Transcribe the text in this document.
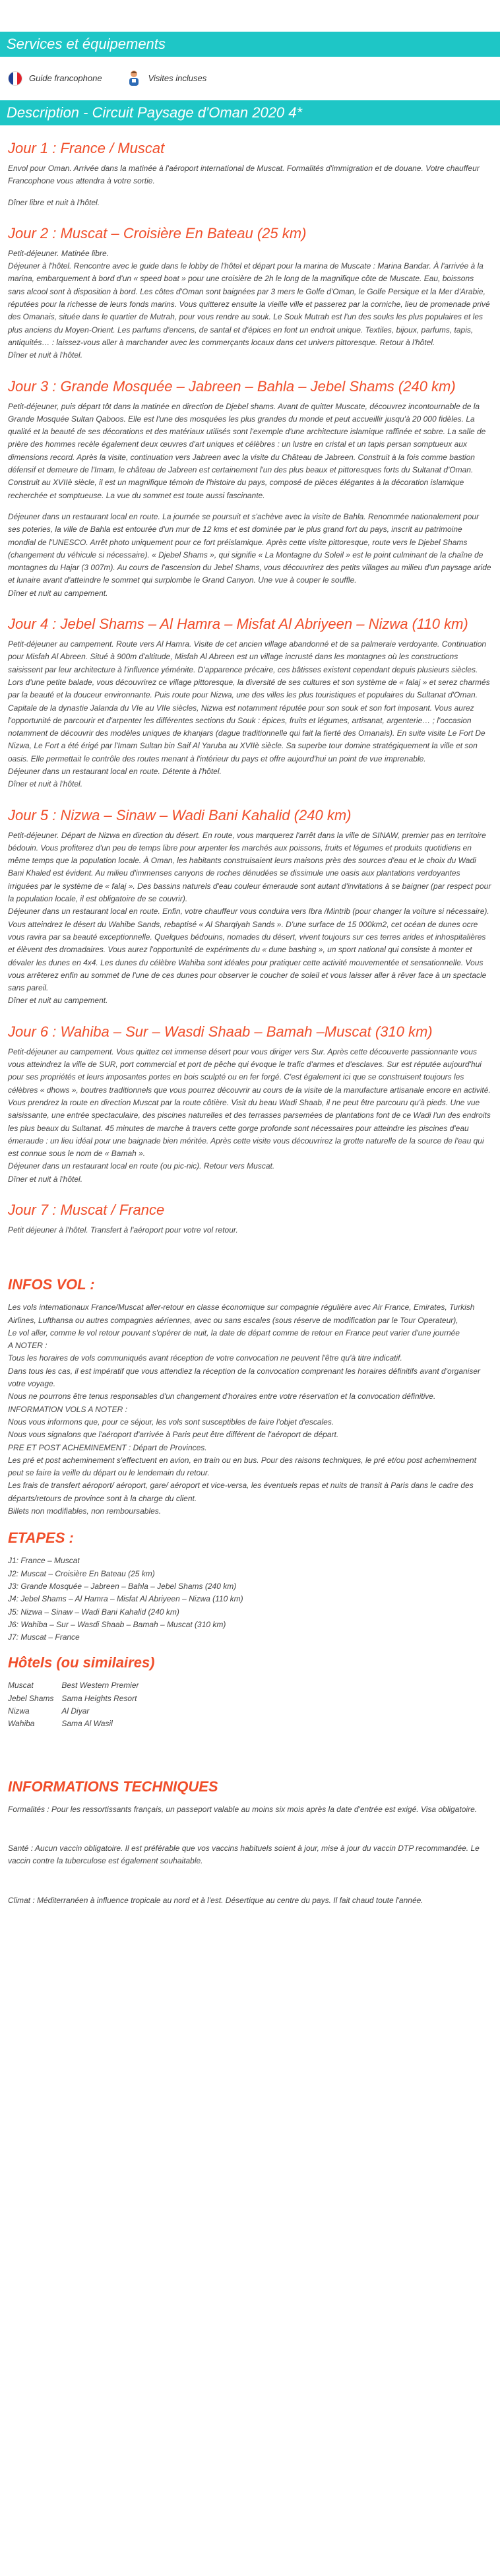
Services et équipements
Guide francophone	Visites incluses
Description - Circuit Paysage d'Oman 2020 4*
Jour 1 : France / Muscat

Envol pour Oman. Arrivée dans la matinée à l'aéroport international de Muscat. Formalités d'immigration et de douane. Votre chauffeur Francophone vous attendra à votre sortie.

Dîner libre et nuit à l'hôtel.

Jour 2 : Muscat – Croisière En Bateau (25 km)

Petit-déjeuner. Matinée libre.
Déjeuner à l'hôtel. Rencontre avec le guide dans le lobby de l'hôtel et départ pour la marina de Muscate : Marina Bandar. À l'arrivée à la marina, embarquement à bord d'un « speed boat » pour une croisière de 2h le long de la magnifique côte de Muscate. Eau, boissons sans alcool sont à disposition à bord. Les côtes d'Oman sont baignées par 3 mers le Golfe d'Oman, le Golfe Persique et la Mer d'Arabie, réputées pour la richesse de leurs fonds marins. Vous quitterez ensuite la vieille ville et passerez par la corniche, lieu de promenade privé des Omanais, située dans le quartier de Mutrah, pour vous rendre au souk. Le Souk Mutrah est l'un des souks les plus populaires et les plus anciens du Moyen-Orient. Les parfums d'encens, de santal et d'épices en font un endroit unique. Textiles, bijoux, parfums, tapis, antiquités… : laissez-vous aller à marchander avec les commerçants locaux dans cet univers pittoresque. Retour à l'hôtel.
Dîner et nuit à l'hôtel.

Jour 3 : Grande Mosquée – Jabreen – Bahla – Jebel Shams (240 km)

Petit-déjeuner, puis départ tôt dans la matinée en direction de Djebel shams. Avant de quitter Muscate, découvrez incontournable de la Grande Mosquée Sultan Qaboos. Elle est l'une des mosquées les plus grandes du monde et peut accueillir jusqu'à 20 000 fidèles. La qualité et la beauté de ses décorations et des matériaux utilisés sont l'exemple d'une architecture islamique raffinée et sobre. La salle de prière des hommes recèle également deux œuvres d'art uniques et célèbres : un lustre en cristal et un tapis persan somptueux aux dimensions record. Après la visite, continuation vers Jabreen avec la visite du Château de Jabreen. Construit à la fois comme bastion défensif et demeure de l'Imam, le château de Jabreen est certainement l'un des plus beaux et pittoresques forts du Sultanat d'Oman. Construit au XVIIè siècle, il est un magnifique témoin de l'histoire du pays, composé de pièces élégantes à la décoration islamique recherchée et somptueuse. La vue du sommet est toute aussi fascinante.

Déjeuner dans un restaurant local en route. La journée se poursuit et s'achève avec la visite de Bahla. Renommée nationalement pour ses poteries, la ville de Bahla est entourée d'un mur de 12 kms et est dominée par le plus grand fort du pays, inscrit au patrimoine mondial de l'UNESCO. Arrêt photo uniquement pour ce fort préislamique. Après cette visite pittoresque, route vers le Djebel Shams (changement du véhicule si nécessaire). « Djebel Shams », qui signifie « La Montagne du Soleil » est le point culminant de la chaîne de montagnes du Hajar (3 007m). Au cours de l'ascension du Jebel Shams, vous découvrirez des petits villages au milieu d'un paysage aride et lunaire avant d'atteindre le sommet qui surplombe le Grand Canyon. Une vue à couper le souffle.
Dîner et nuit au campement.

Jour 4 : Jebel Shams – Al Hamra – Misfat Al Abriyeen – Nizwa (110 km)

Petit-déjeuner au campement. Route vers Al Hamra. Visite de cet ancien village abandonné et de sa palmeraie verdoyante. Continuation pour Misfah Al Abreen. Situé à 900m d'altitude, Misfah Al Abreen est un village incrusté dans les montagnes où les constructions saisissent par leur architecture à l'influence yéménite. D'apparence précaire, ces bâtisses existent cependant depuis plusieurs siècles. Lors d'une petite balade, vous découvrirez ce village pittoresque, la diversité de ses cultures et son système de « falaj » et serez charmés par la beauté et la douceur environnante. Puis route pour Nizwa, une des villes les plus touristiques et populaires du Sultanat d'Oman. Capitale de la dynastie Jalanda du VIe au VIIe siècles, Nizwa est notamment réputée pour son souk et son fort imposant. Vous aurez l'opportunité de parcourir et d'arpenter les différentes sections du Souk : épices, fruits et légumes, artisanat, argenterie… ; l'occasion notamment de découvrir des modèles uniques de khanjars (dague traditionnelle qui fait la fierté des Omanais). En suite visite Le Fort De Nizwa, Le Fort a été érigé par l'Imam Sultan bin Saif Al Yaruba au XVIIè siècle. Sa superbe tour domine stratégiquement la ville et son oasis. Elle permettait le contrôle des routes menant à l'intérieur du pays et offre aujourd'hui un point de vue imprenable.
Déjeuner dans un restaurant local en route. Détente à l'hôtel.
Dîner et nuit à l'hôtel.

Jour 5 : Nizwa – Sinaw – Wadi Bani Kahalid (240 km)

Petit-déjeuner. Départ de Nizwa en direction du désert. En route, vous marquerez l'arrêt dans la ville de SINAW, premier pas en territoire bédouin. Vous profiterez d'un peu de temps libre pour arpenter les marchés aux poissons, fruits et légumes et produits quotidiens en même temps que la population locale. À Oman, les habitants construisaient leurs maisons près des sources d'eau et le choix du Wadi Bani Khaled est évident. Au milieu d'immenses canyons de roches dénudées se dissimule une oasis aux plantations verdoyantes irriguées par le système de « falaj ». Des bassins naturels d'eau couleur émeraude sont autant d'invitations à se baigner (par respect pour la population locale, il est obligatoire de se couvrir).
Déjeuner dans un restaurant local en route. Enfin, votre chauffeur vous conduira vers Ibra /Mintrib (pour changer la voiture si nécessaire). Vous atteindrez le désert du Wahibe Sands, rebaptisé « Al Sharqiyah Sands ». D'une surface de 15 000km2, cet océan de dunes ocre vous ravira par sa beauté exceptionnelle. Quelques bédouins, nomades du désert, vivent toujours sur ces terres arides et inhospitalières et élèvent des dromadaires. Vous aurez l'opportunité de expériments du « dune bashing », un sport national qui consiste à monter et dévaler les dunes en 4x4. Les dunes du célèbre Wahiba sont idéales pour pratiquer cette activité mouvementée et sensationnelle. Vous vous arrêterez enfin au sommet de l'une de ces dunes pour observer le coucher de soleil et vous laisser aller à rêver face à un spectacle sans pareil.
Dîner et nuit au campement.

Jour 6 : Wahiba – Sur – Wasdi Shaab – Bamah –Muscat (310 km)

Petit-déjeuner au campement. Vous quittez cet immense désert pour vous diriger vers Sur. Après cette découverte passionnante vous vous atteindrez la ville de SUR, port commercial et port de pêche qui évoque le trafic d'armes et d'esclaves. Sur est réputée aujourd'hui pour ses propriétés et leurs imposantes portes en bois sculpté ou en fer forgé. C'est également ici que se construisent toujours les célèbres « dhows », boutres traditionnels que vous pourrez découvrir au cours de la visite de la manufacture artisanale encore en activité. Vous prendrez la route en direction Muscat par la route côtière. Visit du beau Wadi Shaab, il ne peut être parcouru qu'à pieds. Une vue saisissante, une entrée spectaculaire, des piscines naturelles et des terrasses parsemées de plantations font de ce Wadi l'un des endroits les plus beaux du Sultanat. 45 minutes de marche à travers cette gorge profonde sont nécessaires pour atteindre les piscines d'eau émeraude : un lieu idéal pour une baignade bien méritée. Après cette visite vous découvrirez la grotte naturelle de la source de l'eau qui est connue sous le nom de « Bamah ».
Déjeuner dans un restaurant local en route (ou pic-nic). Retour vers Muscat.
Dîner et nuit à l'hôtel.

Jour 7 : Muscat / France

Petit déjeuner à l'hôtel. Transfert à l'aéroport pour votre vol retour.

INFOS VOL :

Les vols internationaux France/Muscat aller-retour en classe économique sur compagnie régulière avec Air France, Emirates, Turkish Airlines, Lufthansa ou autres compagnies aériennes, avec ou sans escales (sous réserve de modification par le Tour Operateur),

Le vol aller, comme le vol retour pouvant s'opérer de nuit, la date de départ comme de retour en France peut varier d'une journée

A NOTER :

Tous les horaires de vols communiqués avant réception de votre convocation ne peuvent l'être qu'à titre indicatif.

Dans tous les cas, il est impératif que vous attendiez la réception de la convocation comprenant les horaires définitifs avant d'organiser votre voyage.

Nous ne pourrons être tenus responsables d'un changement d'horaires entre votre réservation et la convocation définitive.

INFORMATION VOLS A NOTER :

Nous vous informons que, pour ce séjour, les vols sont susceptibles de faire l'objet d'escales.

Nous vous signalons que l'aéroport d'arrivée à Paris peut être différent de l'aéroport de départ.

PRE ET POST ACHEMINEMENT : Départ de Provinces.

Les pré et post acheminement s'effectuent en avion, en train ou en bus. Pour des raisons techniques, le pré et/ou post acheminement peut se faire la veille du départ ou le lendemain du retour.

Les frais de transfert aéroport/ aéroport, gare/ aéroport et vice-versa, les éventuels repas et nuits de transit à Paris dans le cadre des départs/retours de province sont à la charge du client.

Billets non modifiables, non remboursables.

ETAPES :

J1: France – Muscat

J2: Muscat – Croisière En Bateau (25 km)

J3: Grande Mosquée – Jabreen – Bahla – Jebel Shams (240 km)

J4: Jebel Shams – Al Hamra – Misfat Al Abriyeen – Nizwa (110 km)

J5: Nizwa – Sinaw – Wadi Bani Kahalid (240 km)

J6: Wahiba – Sur – Wasdi Shaab – Bamah – Muscat (310 km)

J7: Muscat – France

Hôtels (ou similaires)
Muscat	Best Western Premier
Jebel Shams	Sama Heights Resort
Nizwa	Al Diyar
Wahiba	Sama Al Wasil
INFORMATIONS TECHNIQUES

Formalités : Pour les ressortissants français, un passeport valable au moins six mois après la date d'entrée est exigé. Visa obligatoire.

Santé : Aucun vaccin obligatoire. Il est préférable que vos vaccins habituels soient à jour, mise à jour du vaccin DTP recommandée. Le vaccin contre la tuberculose est également souhaitable.

Climat : Méditerranéen à influence tropicale au nord et à l'est. Désertique au centre du pays. Il fait chaud toute l'année.
